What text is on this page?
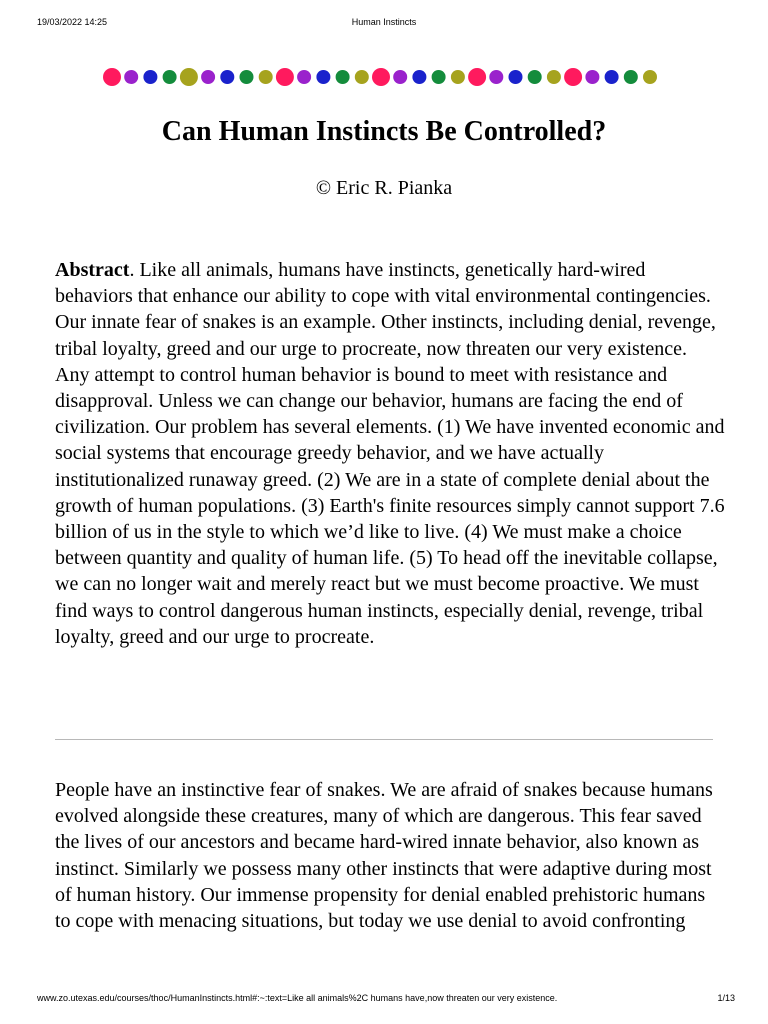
19/03/2022 14:25	Human Instincts
Can Human Instincts Be Controlled?
© Eric R. Pianka

Abstract. Like all animals, humans have instincts, genetically hard-wired behaviors that enhance our ability to cope with vital environmental contingencies. Our innate fear of snakes is an example. Other instincts, including denial, revenge, tribal loyalty, greed and our urge to procreate, now threaten our very existence. Any attempt to control human behavior is bound to meet with resistance and disapproval. Unless we can change our behavior, humans are facing the end of civilization. Our problem has several elements. (1) We have invented economic and social systems that encourage greedy behavior, and we have actually institutionalized runaway greed. (2) We are in a state of complete denial about the growth of human populations. (3) Earth's finite resources simply cannot support 7.6 billion of us in the style to which we’d like to live. (4) We must make a choice between quantity and quality of human life. (5) To head off the inevitable collapse, we can no longer wait and merely react but we must become proactive. We must find ways to control dangerous human instincts, especially denial, revenge, tribal loyalty, greed and our urge to procreate.

People have an instinctive fear of snakes. We are afraid of snakes because humans evolved alongside these creatures, many of which are dangerous. This fear saved the lives of our ancestors and became hard-wired innate behavior, also known as instinct. Similarly we possess many other instincts that were adaptive during most of human history. Our immense propensity for denial enabled prehistoric humans to cope with menacing situations, but today we use denial to avoid confronting

www.zo.utexas.edu/courses/thoc/HumanInstincts.html#:~:text=Like all animals%2C humans have,now threaten our very existence.	1/13
